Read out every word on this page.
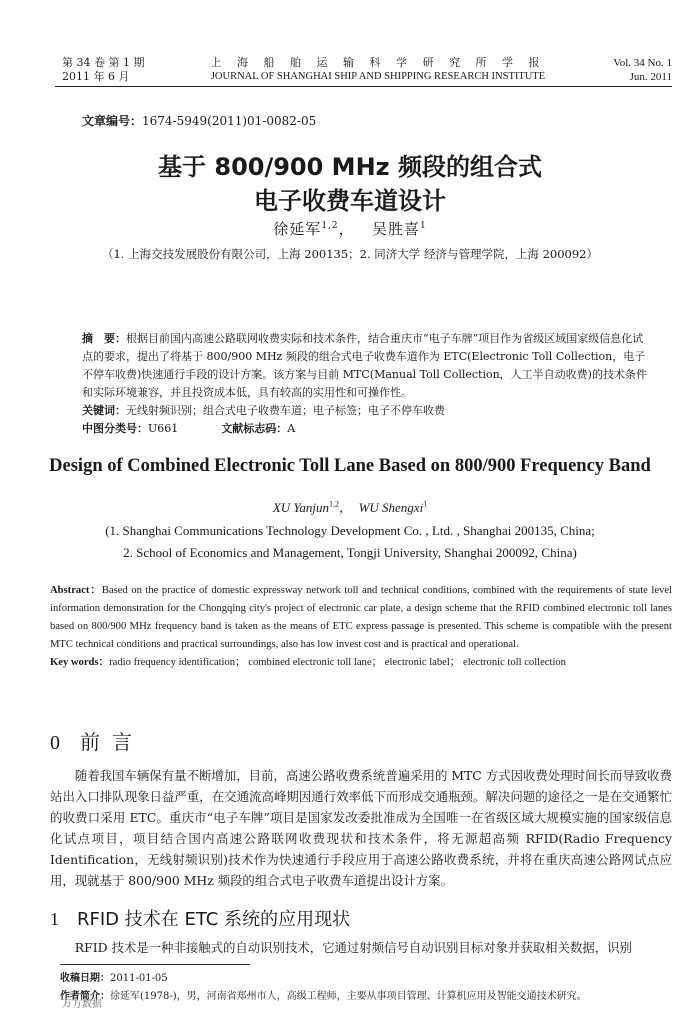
第 34 卷 第 1 期
2011 年 6 月
上 海 船 舶 运 输 科 学 研 究 所 学 报
JOURNAL OF SHANGHAI SHIP AND SHIPPING RESEARCH INSTITUTE
Vol. 34 No. 1
Jun. 2011
文章编号：1674-5949(2011)01-0082-05
基于 800/900 MHz 频段的组合式
电子收费车道设计
徐延军$^{1,2}$，   吴胜喜$^1$
（1. 上海交技发展股份有限公司，上海 200135；2. 同济大学 经济与管理学院，上海 200092）
摘　要：根据目前国内高速公路联网收费实际和技术条件，结合重庆市“电子车牌”项目作为省级区域国家级信息化试点的要求，提出了将基于 800/900 MHz 频段的组合式电子收费车道作为 ETC(Electronic Toll Collection，电子不停车收费)快速通行手段的设计方案。该方案与目前 MTC(Manual Toll Collection，人工半自动收费)的技术条件和实际环境兼容，并且投资成本低，具有较高的实用性和可操作性。
关键词：无线射频识别；组合式电子收费车道；电子标签；电子不停车收费
中图分类号：U661	文献标志码：A
Design of Combined Electronic Toll Lane Based on 800/900 Frequency Band
XU Yanjun$^{1,2}$，  WU Shengxi$^1$
(1. Shanghai Communications Technology Development Co. , Ltd. , Shanghai 200135, China;
2. School of Economics and Management, Tongji University, Shanghai 200092, China)
Abstract：Based on the practice of domestic expressway network toll and technical conditions, combined with the requirements of state level information demonstration for the Chongqing city's project of electronic car plate, a design scheme that the RFID combined electronic toll lanes based on 800/900 MHz frequency band is taken as the means of ETC express passage is presented. This scheme is compatible with the present MTC technical conditions and practical surroundings, also has low invest cost and is practical and operational.
Key words：radio frequency identification； combined electronic toll lane； electronic label； electronic toll collection
0 前言
随着我国车辆保有量不断增加，目前，高速公路收费系统普遍采用的 MTC 方式因收费处理时间长而导致收费站出入口排队现象日益严重，在交通流高峰期因通行效率低下而形成交通瓶颈。解决问题的途径之一是在交通繁忙的收费口采用 ETC。重庆市“电子车牌”项目是国家发改委批准成为全国唯一在省级区域大规模实施的国家级信息化试点项目，项目结合国内高速公路联网收费现状和技术条件，将无源超高频 RFID(Radio Frequency Identification，无线射频识别)技术作为快速通行手段应用于高速公路收费系统，并将在重庆高速公路网试点应用，现就基于 800/900 MHz 频段的组合式电子收费车道提出设计方案。
1 RFID 技术在 ETC 系统的应用现状
RFID 技术是一种非接触式的自动识别技术，它通过射频信号自动识别目标对象并获取相关数据，识别
收稿日期：2011-01-05
作者简介：徐延军(1978-)，男，河南省郑州市人，高级工程师，主要从事项目管理、计算机应用及智能交通技术研究。
万方数据
